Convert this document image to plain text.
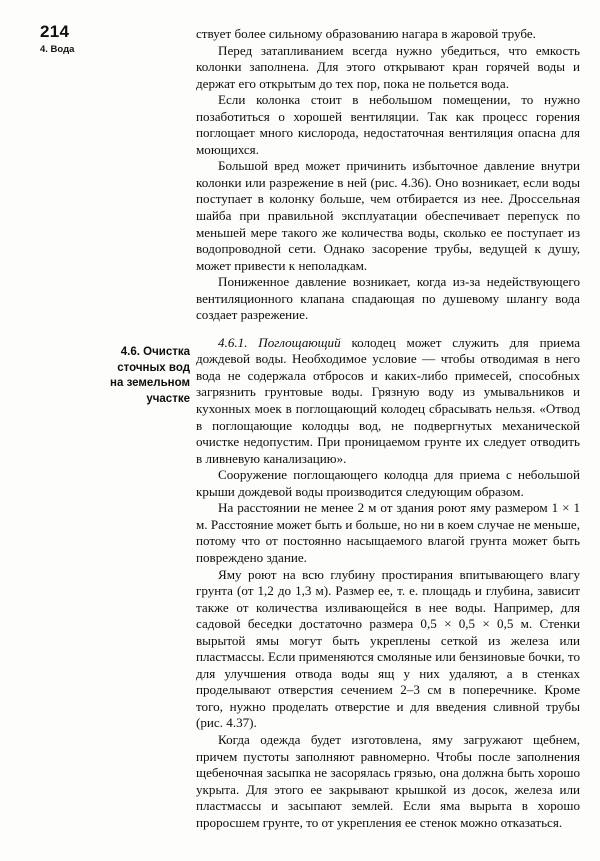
214
4. Вода
4.6. Очистка
сточных вод
на земельном
участке

ствует более сильному образованию нагара в жаровой трубе.

Перед затапливанием всегда нужно убедиться, что емкость колонки заполнена. Для этого открывают кран горячей воды и держат его открытым до тех пор, пока не польется вода.

Если колонка стоит в небольшом помещении, то нужно позаботиться о хорошей вентиляции. Так как процесс горения поглощает много кислорода, недостаточная вентиляция опасна для моющихся.

Большой вред может причинить избыточное давление внутри колонки или разрежение в ней (рис. 4.36). Оно возникает, если воды поступает в колонку больше, чем отбирается из нее. Дроссельная шайба при правильной эксплуатации обеспечивает перепуск по меньшей мере такого же количества воды, сколько ее поступает из водопроводной сети. Однако засорение трубы, ведущей к душу, может привести к неполадкам.

Пониженное давление возникает, когда из-за недействующего вентиляционного клапана спадающая по душевому шлангу вода создает разрежение.

4.6.1. Поглощающий колодец может служить для приема дождевой воды. Необходимое условие — чтобы отводимая в него вода не содержала отбросов и каких-либо примесей, способных загрязнить грунтовые воды. Грязную воду из умывальников и кухонных моек в поглощающий колодец сбрасывать нельзя. «Отвод в поглощающие колодцы вод, не подвергнутых механической очистке недопустим. При проницаемом грунте их следует отводить в ливневую канализацию».

Сооружение поглощающего колодца для приема с небольшой крыши дождевой воды производится следующим образом.

На расстоянии не менее 2 м от здания роют яму размером 1 × 1 м. Расстояние может быть и больше, но ни в коем случае не меньше, потому что от постоянно насыщаемого влагой грунта может быть повреждено здание.

Яму роют на всю глубину простирания впитывающего влагу грунта (от 1,2 до 1,3 м). Размер ее, т. е. площадь и глубина, зависит также от количества изливающейся в нее воды. Например, для садовой беседки достаточно размера 0,5 × 0,5 × 0,5 м. Стенки вырытой ямы могут быть укреплены сеткой из железа или пластмассы. Если применяются смоляные или бензиновые бочки, то для улучшения отвода воды ящ у них удаляют, а в стенках проделывают отверстия сечением 2–3 см в поперечнике. Кроме того, нужно проделать отверстие и для введения сливной трубы (рис. 4.37).

Когда одежда будет изготовлена, яму загружают щебнем, причем пустоты заполняют равномерно. Чтобы после заполнения щебеночная засыпка не засорялась грязью, она должна быть хорошо укрыта. Для этого ее закрывают крышкой из досок, железа или пластмассы и засыпают землей. Если яма вырыта в хорошо проросшем грунте, то от укрепления ее стенок можно отказаться.
